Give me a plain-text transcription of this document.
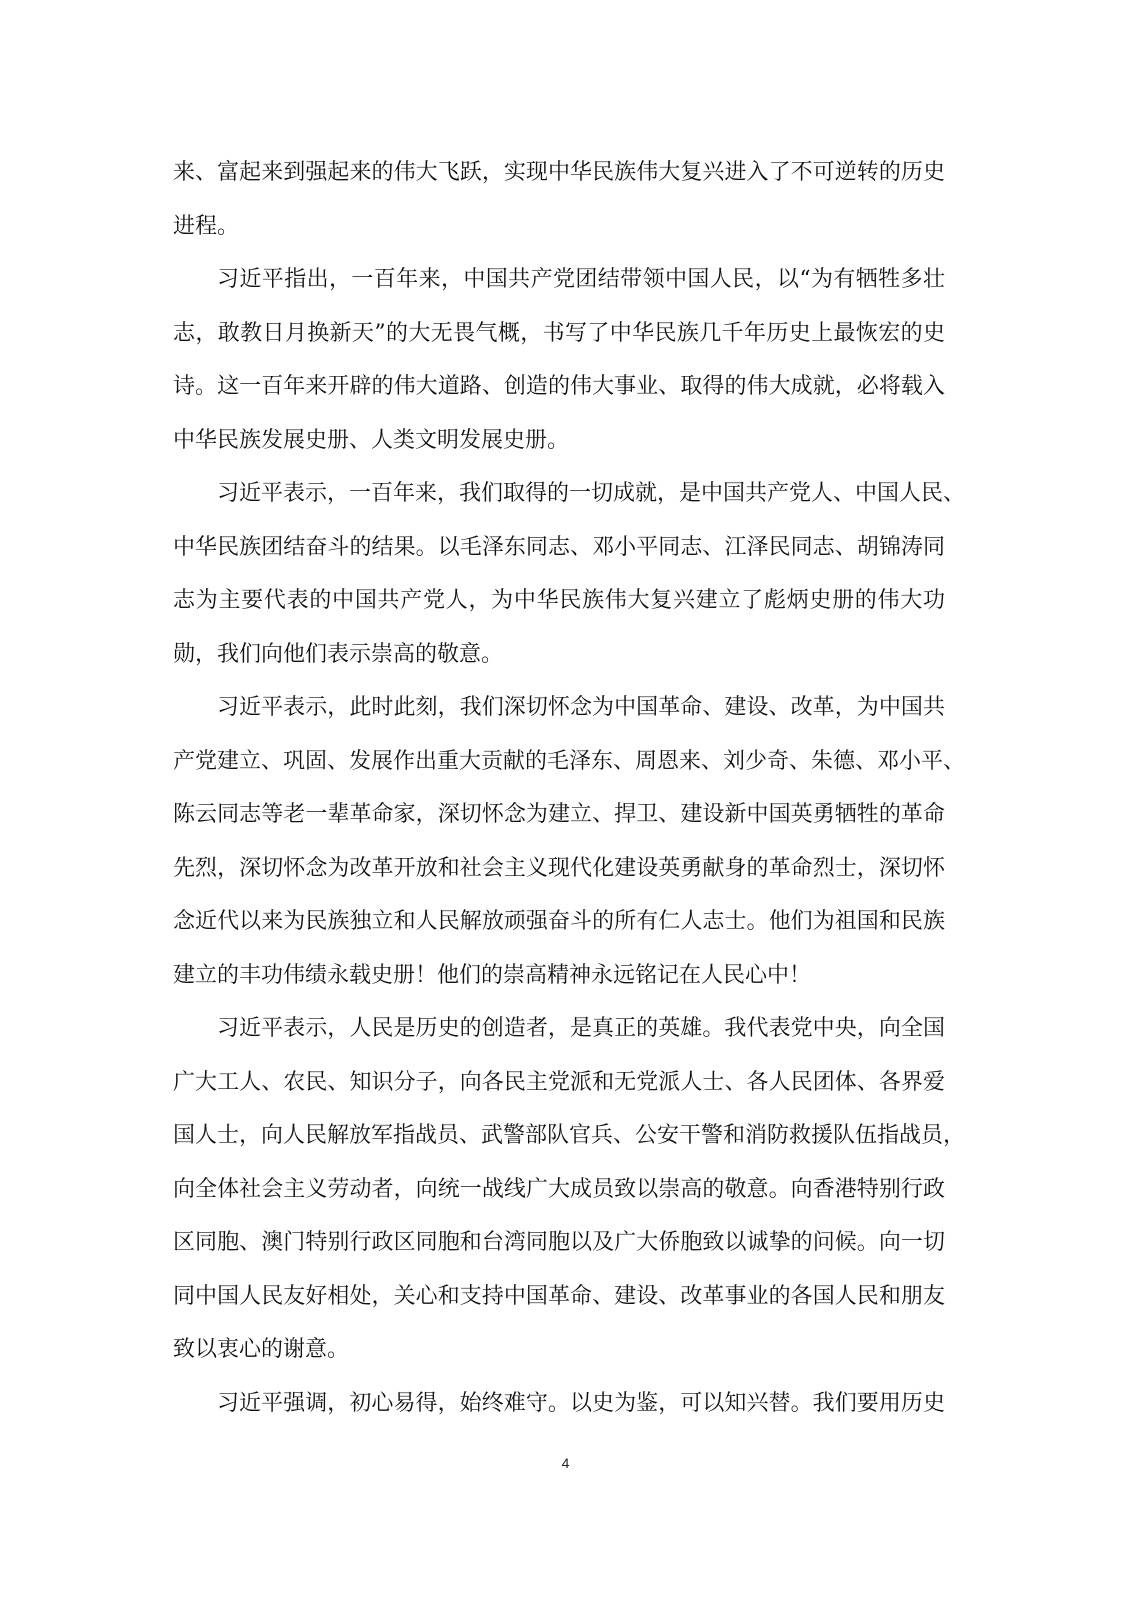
来、富起来到强起来的伟大飞跃，实现中华民族伟大复兴进入了不可逆转的历史
进程。
习近平指出，一百年来，中国共产党团结带领中国人民，以“为有牺牲多壮
志，敢教日月换新天”的大无畏气概，书写了中华民族几千年历史上最恢宏的史
诗。这一百年来开辟的伟大道路、创造的伟大事业、取得的伟大成就，必将载入
中华民族发展史册、人类文明发展史册。
习近平表示，一百年来，我们取得的一切成就，是中国共产党人、中国人民、
中华民族团结奋斗的结果。以毛泽东同志、邓小平同志、江泽民同志、胡锦涛同
志为主要代表的中国共产党人，为中华民族伟大复兴建立了彪炳史册的伟大功
勋，我们向他们表示崇高的敬意。
习近平表示，此时此刻，我们深切怀念为中国革命、建设、改革，为中国共
产党建立、巩固、发展作出重大贡献的毛泽东、周恩来、刘少奇、朱德、邓小平、
陈云同志等老一辈革命家，深切怀念为建立、捍卫、建设新中国英勇牺牲的革命
先烈，深切怀念为改革开放和社会主义现代化建设英勇献身的革命烈士，深切怀
念近代以来为民族独立和人民解放顽强奋斗的所有仁人志士。他们为祖国和民族
建立的丰功伟绩永载史册！他们的崇高精神永远铭记在人民心中！
习近平表示，人民是历史的创造者，是真正的英雄。我代表党中央，向全国
广大工人、农民、知识分子，向各民主党派和无党派人士、各人民团体、各界爱
国人士，向人民解放军指战员、武警部队官兵、公安干警和消防救援队伍指战员，
向全体社会主义劳动者，向统一战线广大成员致以崇高的敬意。向香港特别行政
区同胞、澳门特别行政区同胞和台湾同胞以及广大侨胞致以诚挚的问候。向一切
同中国人民友好相处，关心和支持中国革命、建设、改革事业的各国人民和朋友
致以衷心的谢意。
习近平强调，初心易得，始终难守。以史为鉴，可以知兴替。我们要用历史
4
